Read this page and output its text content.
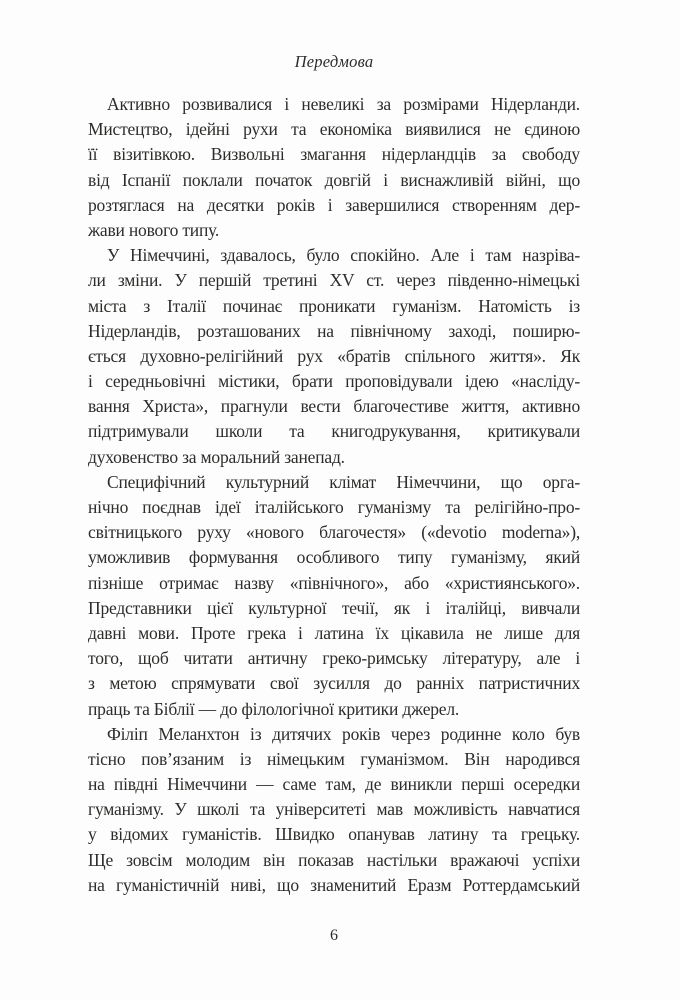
Передмова
Активно розвивалися і невеликі за розмірами Нідерланди.
Мистецтво, ідейні рухи та економіка виявилися не єдиною
її візитівкою. Визвольні змагання нідерландців за свободу
від Іспанії поклали початок довгій і виснажливій війні, що
розтяглася на десятки років і завершилися створенням дер-
жави нового типу.
У Німеччині, здавалось, було спокійно. Але і там назріва-
ли зміни. У першій третині XV ст. через південно-німецькі
міста з Італії починає проникати гуманізм. Натомість із
Нідерландів, розташованих на північному заході, поширю-
ється духовно-релігійний рух «братів спільного життя». Як
і середньовічні містики, брати проповідували ідею «насліду-
вання Христа», прагнули вести благочестиве життя, активно
підтримували школи та книгодрукування, критикували
духовенство за моральний занепад.
Специфічний культурний клімат Німеччини, що орга-
нічно поєднав ідеї італійського гуманізму та релігійно-про-
світницького руху «нового благочестя» («devotio moderna»),
уможливив формування особливого типу гуманізму, який
пізніше отримає назву «північного», або «християнського».
Представники цієї культурної течії, як і італійці, вивчали
давні мови. Проте грека і латина їх цікавила не лише для
того, щоб читати античну греко-римську літературу, але і
з метою спрямувати свої зусилля до ранніх патристичних
праць та Біблії — до філологічної критики джерел.
Філіп Меланхтон із дитячих років через родинне коло був
тісно пов’язаним із німецьким гуманізмом. Він народився
на півдні Німеччини — саме там, де виникли перші осередки
гуманізму. У школі та університеті мав можливість навчатися
у відомих гуманістів. Швидко опанував латину та грецьку.
Ще зовсім молодим він показав настільки вражаючі успіхи
на гуманістичній ниві, що знаменитий Еразм Роттердамський
6
